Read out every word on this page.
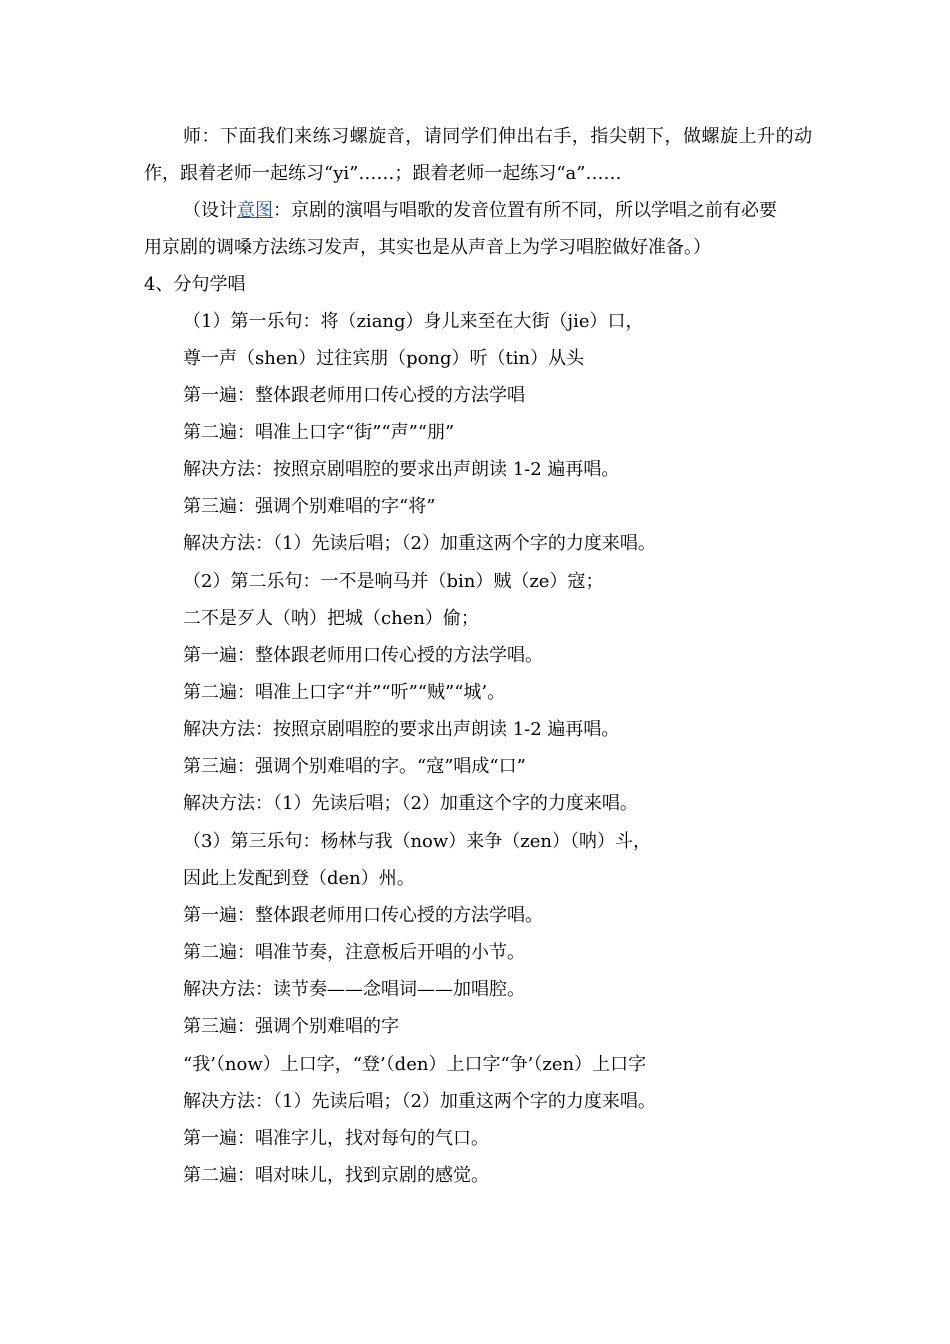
师：下面我们来练习螺旋音，请同学们伸出右手，指尖朝下，做螺旋上升的动
作，跟着老师一起练习“yi”……；跟着老师一起练习“a”……
（设计意图：京剧的演唱与唱歌的发音位置有所不同，所以学唱之前有必要
用京剧的调嗓方法练习发声，其实也是从声音上为学习唱腔做好准备。）
4、分句学唱
（1）第一乐句：将（ziang）身儿来至在大街（jie）口，
尊一声（shen）过往宾朋（pong）听（tin）从头
第一遍：整体跟老师用口传心授的方法学唱
第二遍：唱准上口字“街”“声”“朋”
解决方法：按照京剧唱腔的要求出声朗读 1-2 遍再唱。
第三遍：强调个别难唱的字“将”
解决方法：（1）先读后唱；（2）加重这两个字的力度来唱。
（2）第二乐句：一不是响马并（bin）贼（ze）寇；
二不是歹人（呐）把城（chen）偷；
第一遍：整体跟老师用口传心授的方法学唱。
第二遍：唱准上口字“并”“听”“贼”“城’。
解决方法：按照京剧唱腔的要求出声朗读 1-2 遍再唱。
第三遍：强调个别难唱的字。“寇”唱成“口”
解决方法：（1）先读后唱；（2）加重这个字的力度来唱。
（3）第三乐句：杨林与我（now）来争（zen）（呐）斗，
因此上发配到登（den）州。
第一遍：整体跟老师用口传心授的方法学唱。
第二遍：唱准节奏，注意板后开唱的小节。
解决方法：读节奏——念唱词——加唱腔。
第三遍：强调个别难唱的字
“我’（now）上口字，“登’（den）上口字“争’（zen）上口字
解决方法：（1）先读后唱；（2）加重这两个字的力度来唱。
第一遍：唱准字儿，找对每句的气口。
第二遍：唱对味儿，找到京剧的感觉。
